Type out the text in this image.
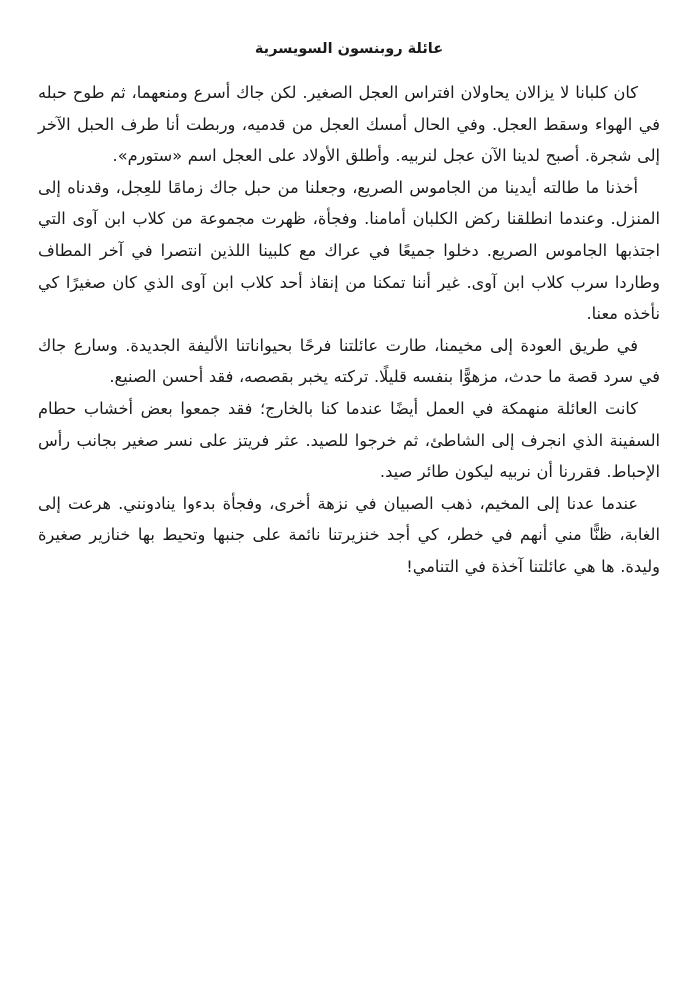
عائلة روبنسون السويسرية

كان كلبانا لا يزالان يحاولان افتراس العجل الصغير. لكن جاك أسرع ومنعهما، ثم طوح حبله في الهواء وسقط العجل. وفي الحال أمسك العجل من قدميه، وربطت أنا طرف الحبل الآخر إلى شجرة. أصبح لدينا الآن عجل لنربيه. وأطلق الأولاد على العجل اسم «ستورم».

أخذنا ما طالته أيدينا من الجاموس الصريع، وجعلنا من حبل جاك زمامًا للعِجل، وقدناه إلى المنزل. وعندما انطلقنا ركض الكلبان أمامنا. وفجأة، ظهرت مجموعة من كلاب ابن آوى التي اجتذبها الجاموس الصريع. دخلوا جميعًا في عراك مع كلبينا اللذين انتصرا في آخر المطاف وطاردا سرب كلاب ابن آوى. غير أننا تمكنا من إنقاذ أحد كلاب ابن آوى الذي كان صغيرًا كي نأخذه معنا.

في طريق العودة إلى مخيمنا، طارت عائلتنا فرحًا بحيواناتنا الأليفة الجديدة. وسارع جاك في سرد قصة ما حدث، مزهوًّا بنفسه قليلًا. تركته يخبر بقصصه، فقد أحسن الصنيع.

كانت العائلة منهمكة في العمل أيضًا عندما كنا بالخارج؛ فقد جمعوا بعض أخشاب حطام السفينة الذي انجرف إلى الشاطئ، ثم خرجوا للصيد. عثر فريتز على نسر صغير بجانب رأس الإحباط. فقررنا أن نربيه ليكون طائر صيد.

عندما عدنا إلى المخيم، ذهب الصبيان في نزهة أخرى، وفجأة بدءوا ينادونني. هرعت إلى الغابة، ظنًّا مني أنهم في خطر، كي أجد خنزيرتنا نائمة على جنبها وتحيط بها خنازير صغيرة وليدة. ها هي عائلتنا آخذة في التنامي!
